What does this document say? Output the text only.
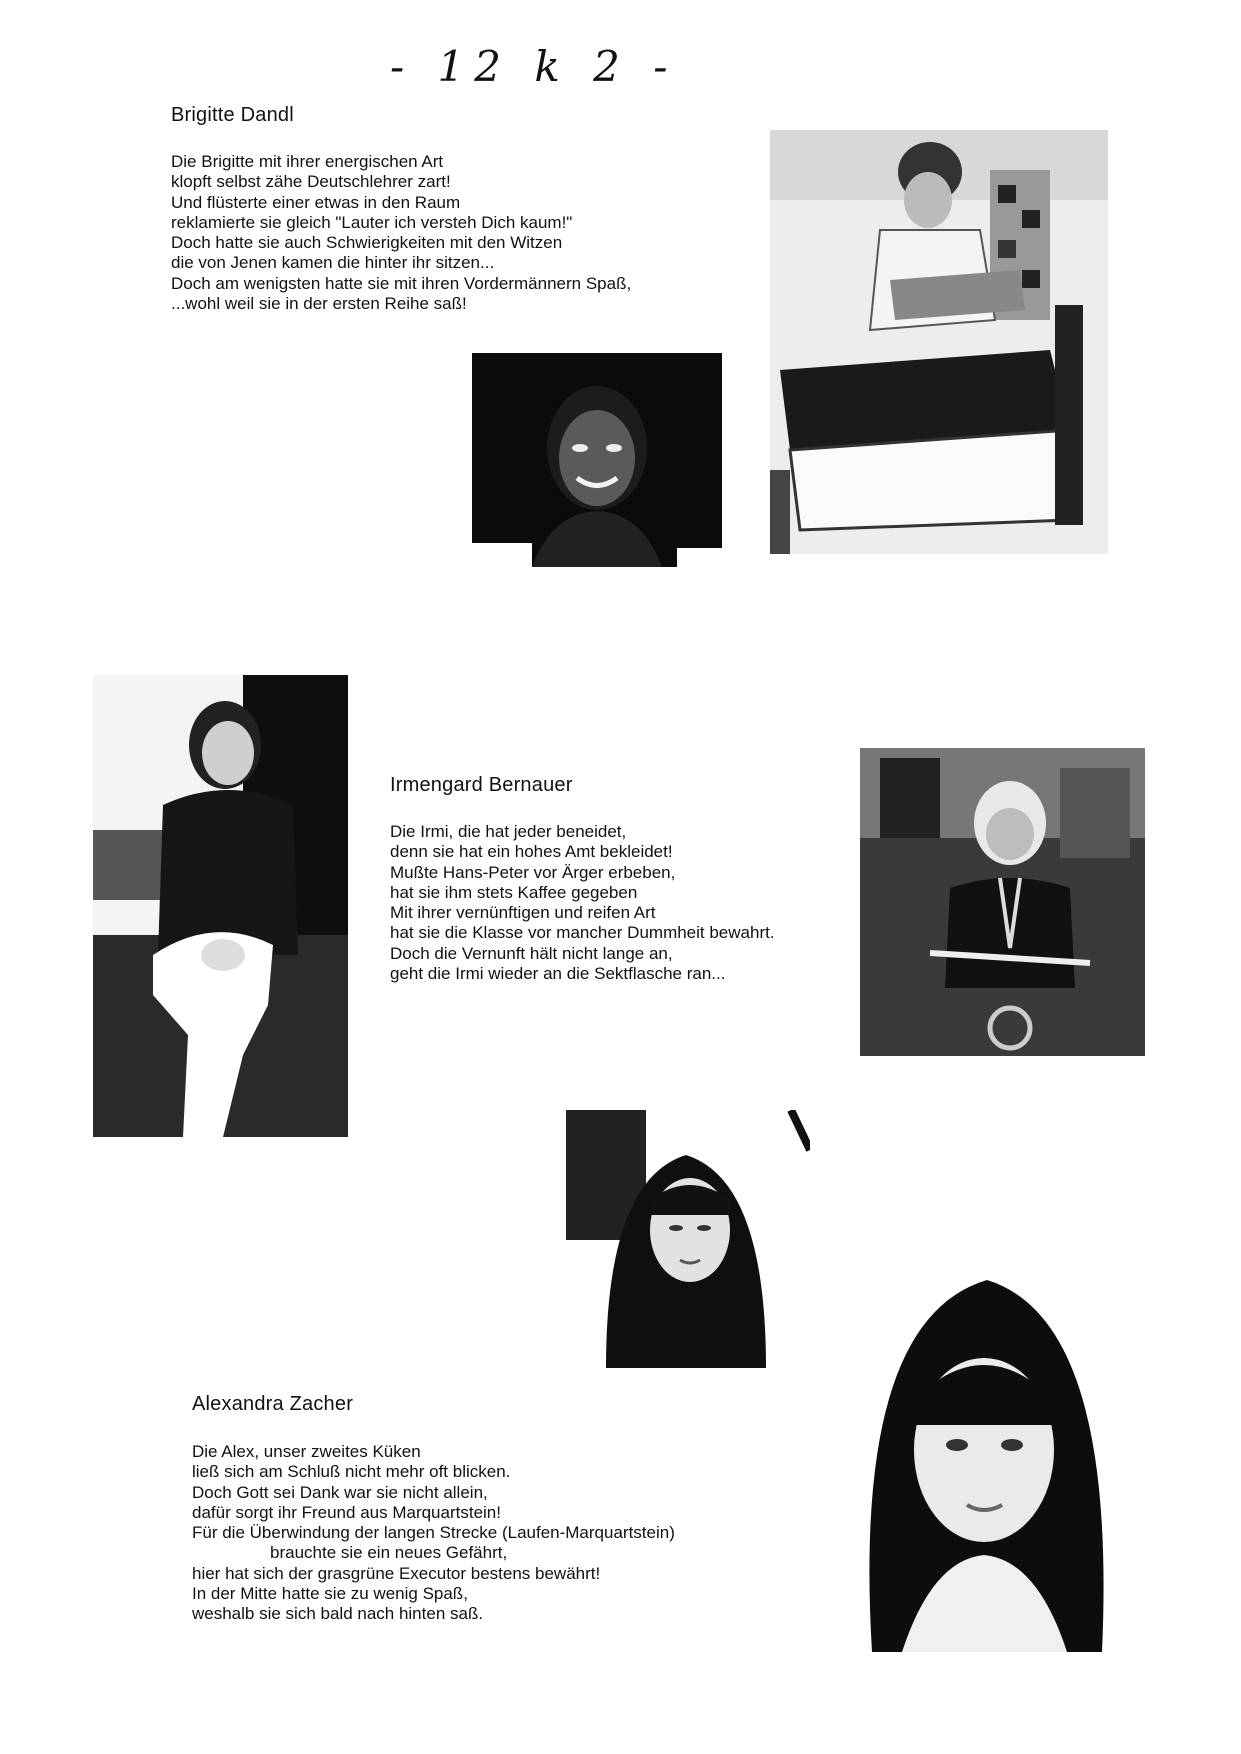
- 12 k 2 -
Brigitte Dandl
Die Brigitte mit ihrer energischen Art
klopft selbst zähe Deutschlehrer zart!
Und flüsterte einer etwas in den Raum
reklamierte sie gleich "Lauter ich versteh Dich kaum!"
Doch hatte sie auch Schwierigkeiten mit den Witzen
die von Jenen kamen die hinter ihr sitzen...
Doch am wenigsten hatte sie mit ihren Vordermännern Spaß,
...wohl weil sie in der ersten Reihe saß!
Irmengard Bernauer
Die Irmi, die hat jeder beneidet,
denn sie hat ein hohes Amt bekleidet!
Mußte Hans-Peter vor Ärger erbeben,
hat sie ihm stets Kaffee gegeben
Mit ihrer vernünftigen und reifen Art
hat sie die Klasse vor mancher Dummheit bewahrt.
Doch die Vernunft hält nicht lange an,
geht die Irmi wieder an die Sektflasche ran...
Alexandra Zacher
Die Alex, unser zweites Küken
ließ sich am Schluß nicht mehr oft blicken.
Doch Gott sei Dank war sie nicht allein,
dafür sorgt ihr Freund aus Marquartstein!
Für die Überwindung der langen Strecke (Laufen-Marquartstein)
brauchte sie ein neues Gefährt,
hier hat sich der grasgrüne Executor bestens bewährt!
In der Mitte hatte sie zu wenig Spaß,
weshalb sie sich bald nach hinten saß.
